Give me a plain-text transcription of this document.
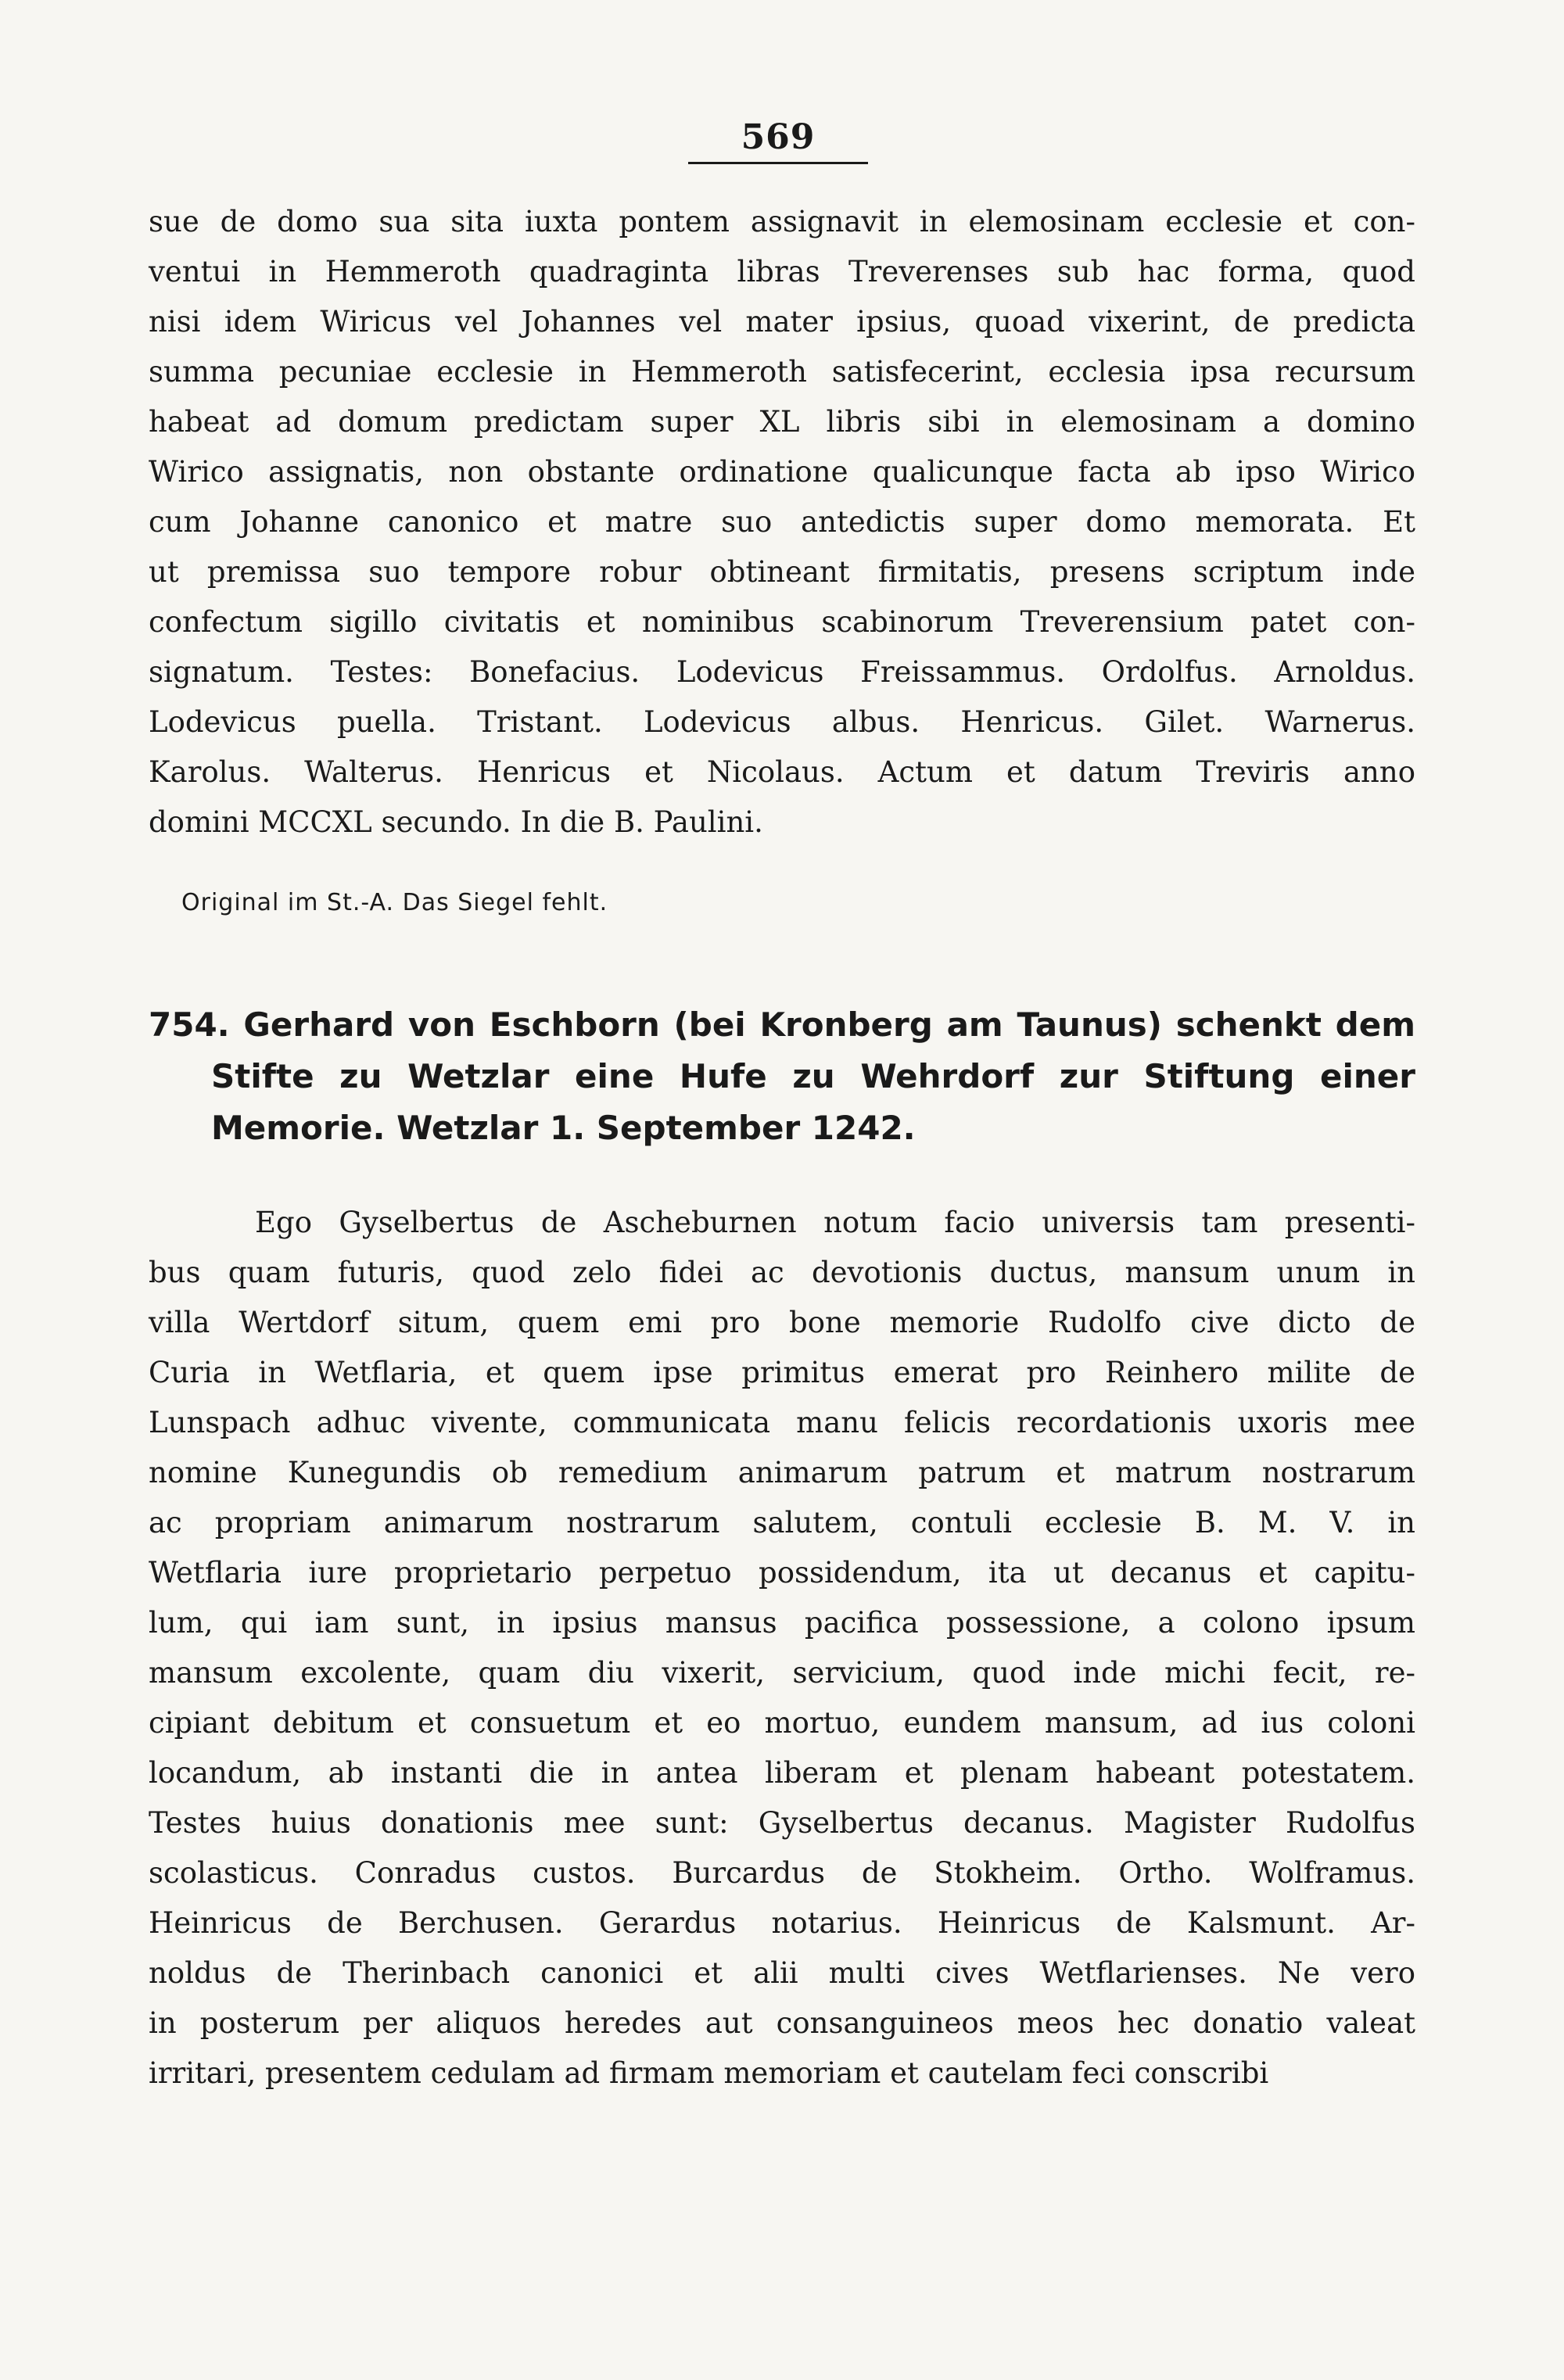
569
sue de domo sua sita iuxta pontem assignavit in elemosinam ecclesie et con-
ventui in Hemmeroth quadraginta libras Treverenses sub hac forma, quod
nisi idem Wiricus vel Johannes vel mater ipsius, quoad vixerint, de predicta
summa pecuniae ecclesie in Hemmeroth satisfecerint, ecclesia ipsa recursum
habeat ad domum predictam super XL libris sibi in elemosinam a domino
Wirico assignatis, non obstante ordinatione qualicunque facta ab ipso Wirico
cum Johanne canonico et matre suo antedictis super domo memorata. Et
ut premissa suo tempore robur obtineant firmitatis, presens scriptum inde
confectum sigillo civitatis et nominibus scabinorum Treverensium patet con-
signatum. Testes: Bonefacius. Lodevicus Freissammus. Ordolfus. Arnoldus.
Lodevicus puella. Tristant. Lodevicus albus. Henricus. Gilet. Warnerus.
Karolus. Walterus. Henricus et Nicolaus. Actum et datum Treviris anno
domini MCCXL secundo. In die B. Paulini.
Original im St.-A. Das Siegel fehlt.
754. Gerhard von Eschborn (bei Kronberg am Taunus) schenkt dem
Stifte zu Wetzlar eine Hufe zu Wehrdorf zur Stiftung einer
Memorie. Wetzlar 1. September 1242.
Ego Gyselbertus de Ascheburnen notum facio universis tam presenti-
bus quam futuris, quod zelo fidei ac devotionis ductus, mansum unum in
villa Wertdorf situm, quem emi pro bone memorie Rudolfo cive dicto de
Curia in Wetflaria, et quem ipse primitus emerat pro Reinhero milite de
Lunspach adhuc vivente, communicata manu felicis recordationis uxoris mee
nomine Kunegundis ob remedium animarum patrum et matrum nostrarum
ac propriam animarum nostrarum salutem, contuli ecclesie B. M. V. in
Wetflaria iure proprietario perpetuo possidendum, ita ut decanus et capitu-
lum, qui iam sunt, in ipsius mansus pacifica possessione, a colono ipsum
mansum excolente, quam diu vixerit, servicium, quod inde michi fecit, re-
cipiant debitum et consuetum et eo mortuo, eundem mansum, ad ius coloni
locandum, ab instanti die in antea liberam et plenam habeant potestatem.
Testes huius donationis mee sunt: Gyselbertus decanus. Magister Rudolfus
scolasticus. Conradus custos. Burcardus de Stokheim. Ortho. Wolframus.
Heinricus de Berchusen. Gerardus notarius. Heinricus de Kalsmunt. Ar-
noldus de Therinbach canonici et alii multi cives Wetflarienses. Ne vero
in posterum per aliquos heredes aut consanguineos meos hec donatio valeat
irritari, presentem cedulam ad firmam memoriam et cautelam feci conscribi
